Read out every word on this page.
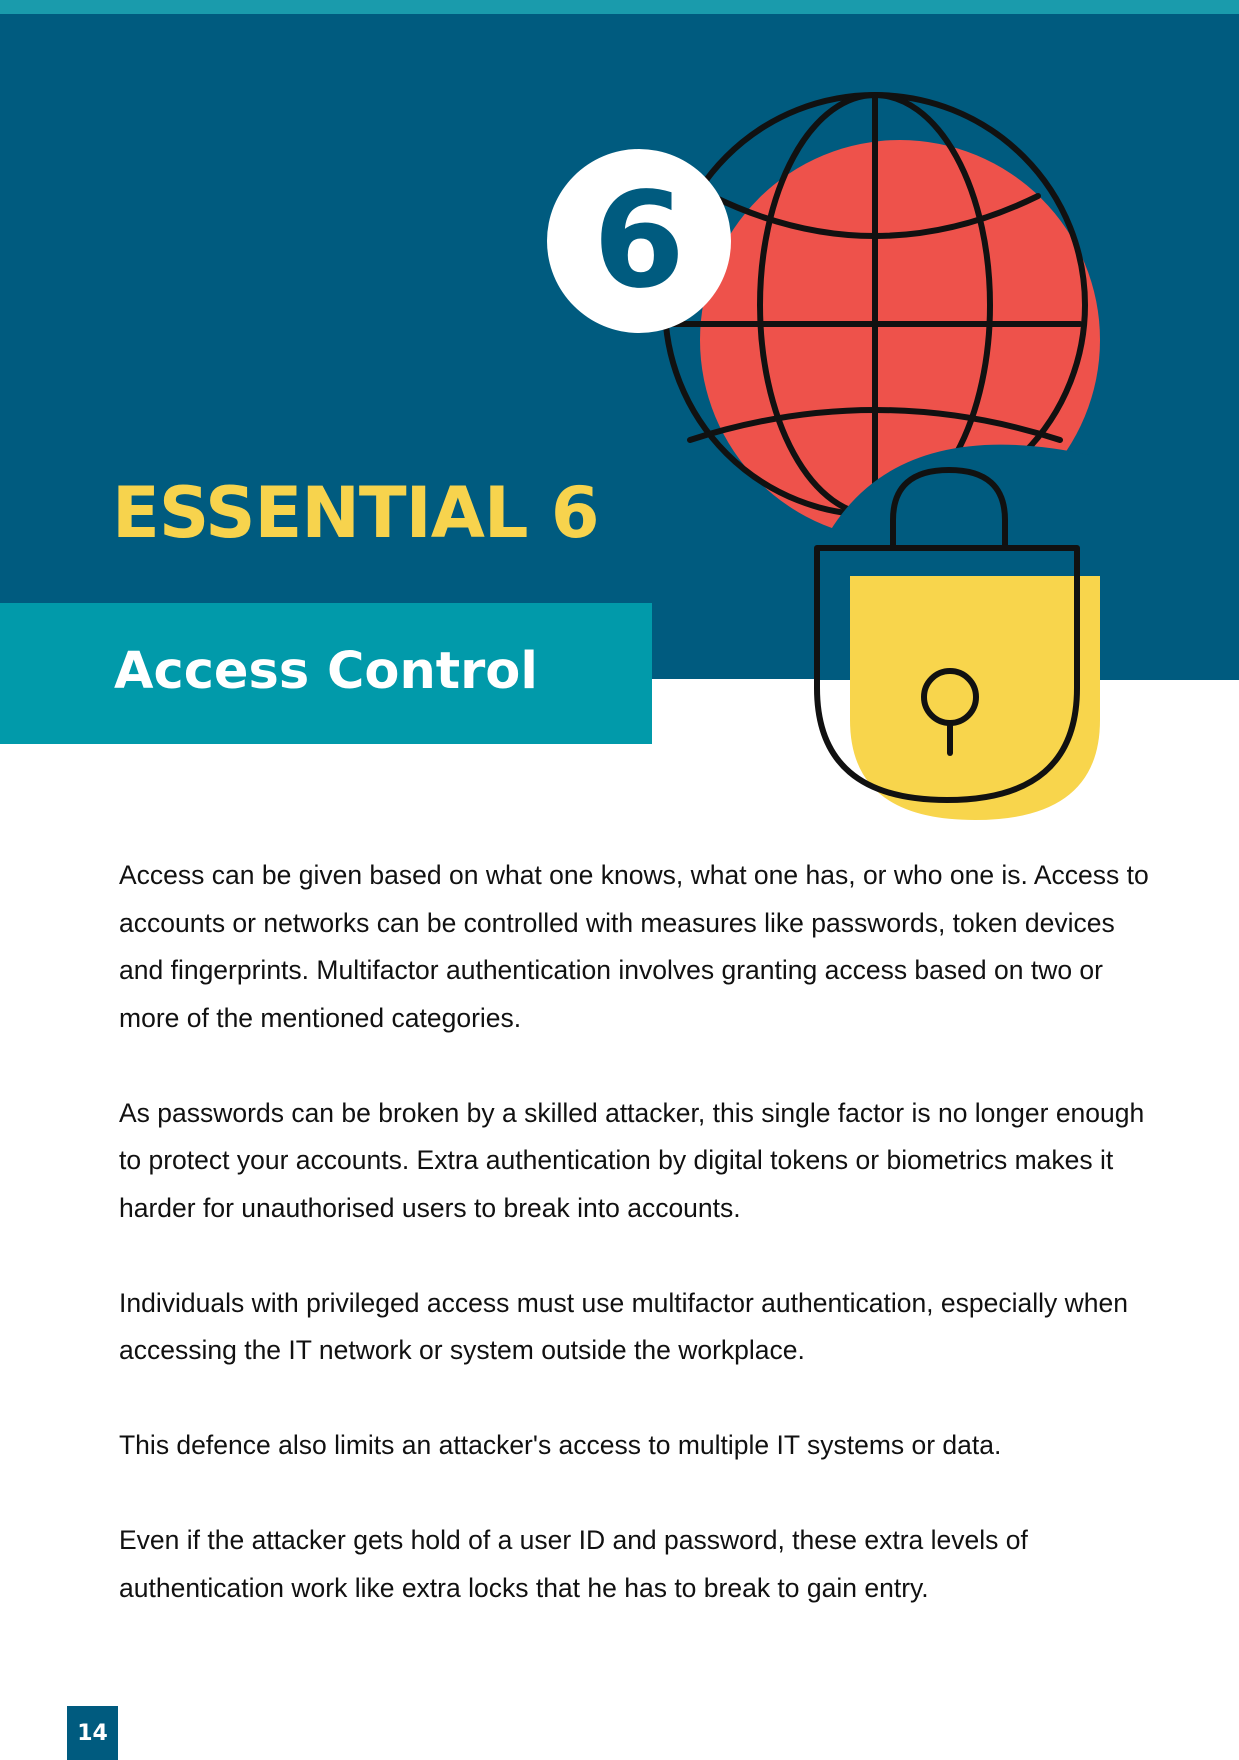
6
ESSENTIAL 6
Access Control

Access can be given based on what one knows, what one has, or who one is. Access to accounts or networks can be controlled with measures like passwords, token devices and fingerprints. Multifactor authentication involves granting access based on two or more of the mentioned categories.

As passwords can be broken by a skilled attacker, this single factor is no longer enough to protect your accounts. Extra authentication by digital tokens or biometrics makes it harder for unauthorised users to break into accounts.

Individuals with privileged access must use multifactor authentication, especially when accessing the IT network or system outside the workplace.

This defence also limits an attacker's access to multiple IT systems or data.

Even if the attacker gets hold of a user ID and password, these extra levels of authentication work like extra locks that he has to break to gain entry.

14
